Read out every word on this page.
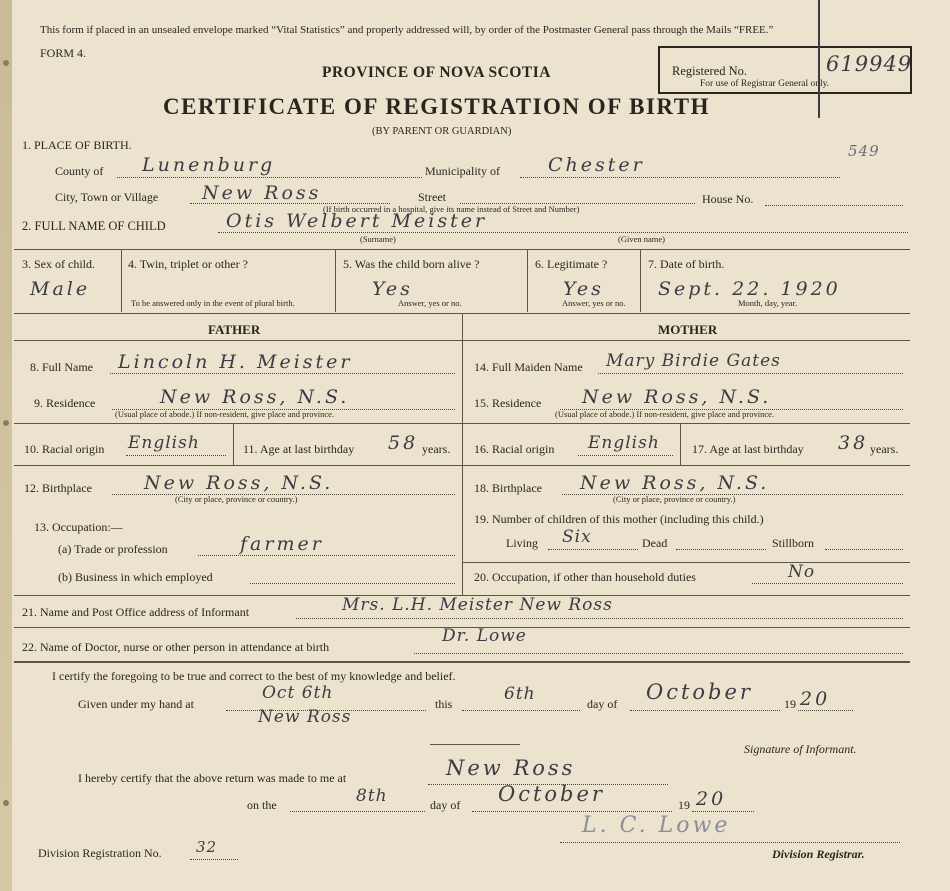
This form if placed in an unsealed envelope marked “Vital Statistics” and properly addressed will, by order of the Postmaster General pass through the Mails “FREE.”
FORM 4.
PROVINCE OF NOVA SCOTIA
CERTIFICATE OF REGISTRATION OF BIRTH
(BY PARENT OR GUARDIAN)
Registered No.	619949
For use of Registrar General only.
549
1. PLACE OF BIRTH.
County of Lunenburg	Municipality of	Chester
City, Town or Village New Ross	Street
(If birth occurred in a hospital, give its name instead of Street and Number)
House No.
2. FULL NAME OF CHILD	Otis Welbert Meister
(Surname)	(Given name)
3. Sex of child.
Male
4. Twin, triplet or other ?
To be answered only in the event of plural birth.
5. Was the child born alive ?
Yes
Answer, yes or no.
6. Legitimate ?
Yes
Answer, yes or no.
7. Date of birth.
Sept. 22. 1920
Month, day, year.
FATHER	MOTHER
8. Full Name Lincoln H. Meister
9. Residence	New Ross, N.S.
(Usual place of abode.) If non-resident, give place and province.
10. Racial origin English	11. Age at last birthday 58 years.
12. Birthplace	New Ross, N.S.
(City or place, province or country.)
13. Occupation:—
(a) Trade or profession	farmer
(b) Business in which employed
14. Full Maiden Name Mary Birdie Gates
15. Residence New Ross, N.S.
(Usual place of abode.) If non-resident, give place and province.
16. Racial origin English	17. Age at last birthday 38 years.
18. Birthplace New Ross, N.S.
(City or place, province or country.)
19. Number of children of this mother (including this child.)
Living Six	Dead	Stillborn
20. Occupation, if other than household duties	No
21. Name and Post Office address of Informant	Mrs. L.H. Meister New Ross
22. Name of Doctor, nurse or other person in attendance at birth
Dr. Lowe
I certify the foregoing to be true and correct to the best of my knowledge and belief.
Given under my hand at
Oct 6th
New Ross
this	6th	day of October	19 20
Signature of Informant.
I hereby certify that the above return was made to me at	New Ross
on the	8th	day of October	19 20
Division Registration No. 32
L. C. Lowe
Division Registrar.
